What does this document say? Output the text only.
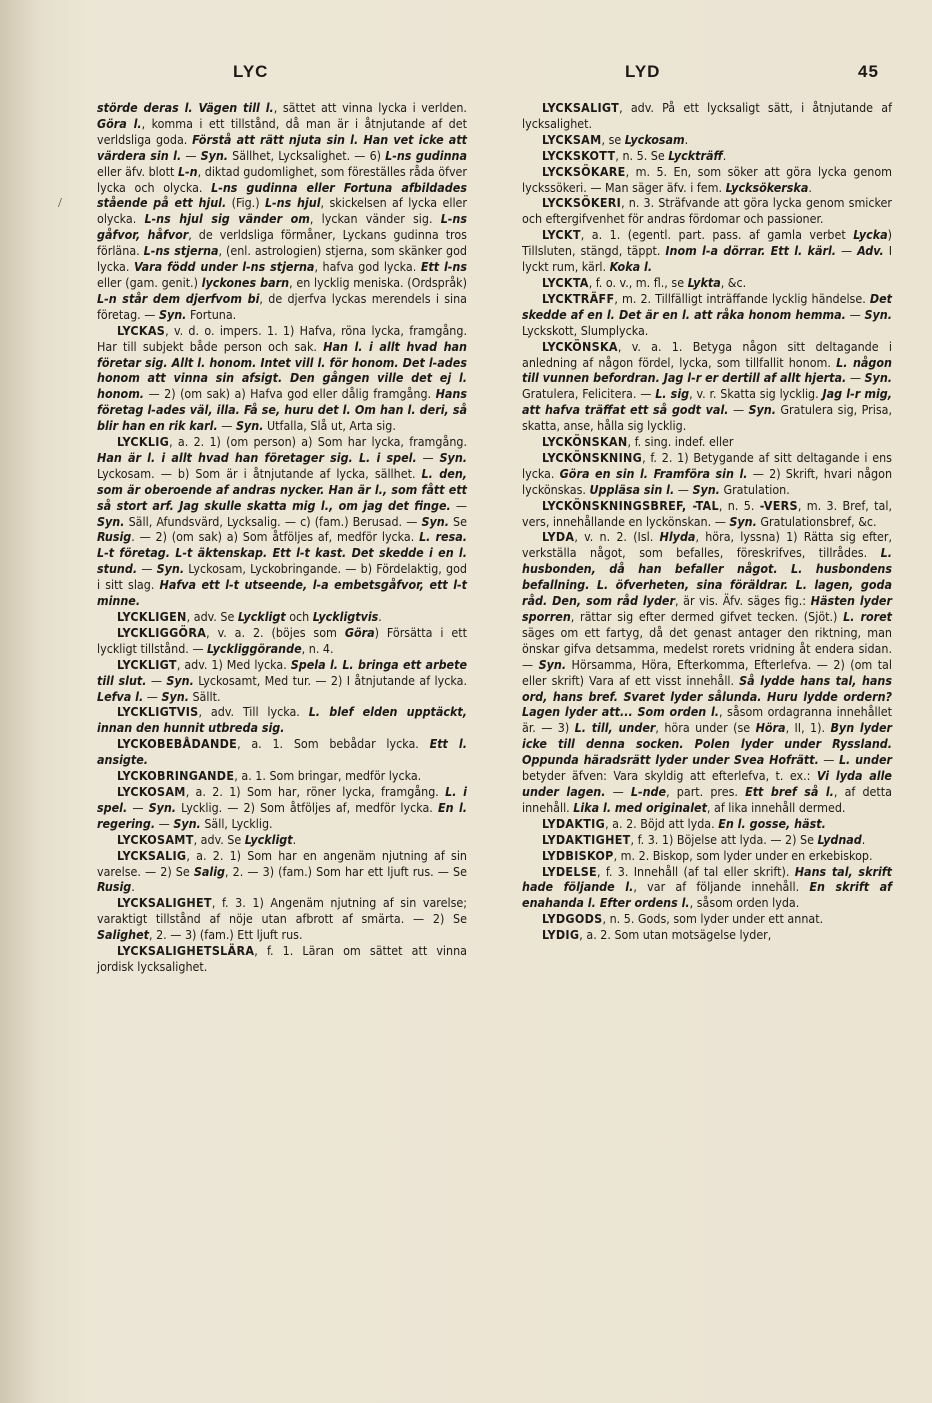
LYC	LYD	45
/

störde deras l. Vägen till l., sättet att vinna lycka i verlden. Göra l., komma i ett tillstånd, då man är i åtnjutande af det verldsliga goda. Förstå att rätt njuta sin l. Han vet icke att värdera sin l. — Syn. Sällhet, Lycksalighet. — 6) L-ns gudinna eller äfv. blott L-n, diktad gudomlighet, som föreställes råda öfver lycka och olycka. L-ns gudinna eller Fortuna afbildades stående på ett hjul. (Fig.) L-ns hjul, skickelsen af lycka eller olycka. L-ns hjul sig vänder om, lyckan vänder sig. L-ns gåfvor, håfvor, de verldsliga förmåner, Lyckans gudinna tros förläna. L-ns stjerna, (enl. astrologien) stjerna, som skänker god lycka. Vara född under l-ns stjerna, hafva god lycka. Ett l-ns eller (gam. genit.) lyckones barn, en lycklig meniska. (Ordspråk) L-n står dem djerfvom bi, de djerfva lyckas merendels i sina företag. — Syn. Fortuna.

LYCKAS, v. d. o. impers. 1. 1) Hafva, röna lycka, framgång. Har till subjekt både person och sak. Han l. i allt hvad han företar sig. Allt l. honom. Intet vill l. för honom. Det l-ades honom att vinna sin afsigt. Den gången ville det ej l. honom. — 2) (om sak) a) Hafva god eller dålig framgång. Hans företag l-ades väl, illa. Få se, huru det l. Om han l. deri, så blir han en rik karl. — Syn. Utfalla, Slå ut, Arta sig.

LYCKLIG, a. 2. 1) (om person) a) Som har lycka, framgång. Han är l. i allt hvad han företager sig. L. i spel. — Syn. Lyckosam. — b) Som är i åtnjutande af lycka, sällhet. L. den, som är oberoende af andras nycker. Han är l., som fått ett så stort arf. Jag skulle skatta mig l., om jag det finge. — Syn. Säll, Afundsvärd, Lycksalig. — c) (fam.) Berusad. — Syn. Se Rusig. — 2) (om sak) a) Som åtföljes af, medför lycka. L. resa. L-t företag. L-t äktenskap. Ett l-t kast. Det skedde i en l. stund. — Syn. Lyckosam, Lyckobringande. — b) Fördelaktig, god i sitt slag. Hafva ett l-t utseende, l-a embetsgåfvor, ett l-t minne.

LYCKLIGEN, adv. Se Lyckligt och Lyckligtvis.

LYCKLIGGÖRA, v. a. 2. (böjes som Göra) Försätta i ett lyckligt tillstånd. — Lyckliggörande, n. 4.

LYCKLIGT, adv. 1) Med lycka. Spela l. L. bringa ett arbete till slut. — Syn. Lyckosamt, Med tur. — 2) I åtnjutande af lycka. Lefva l. — Syn. Sällt.

LYCKLIGTVIS, adv. Till lycka. L. blef elden upptäckt, innan den hunnit utbreda sig.

LYCKOBEBÅDANDE, a. 1. Som bebådar lycka. Ett l. ansigte.

LYCKOBRINGANDE, a. 1. Som bringar, medför lycka.

LYCKOSAM, a. 2. 1) Som har, röner lycka, framgång. L. i spel. — Syn. Lycklig. — 2) Som åtföljes af, medför lycka. En l. regering. — Syn. Säll, Lycklig.

LYCKOSAMT, adv. Se Lyckligt.

LYCKSALIG, a. 2. 1) Som har en angenäm njutning af sin varelse. — 2) Se Salig, 2. — 3) (fam.) Som har ett ljuft rus. — Se Rusig.

LYCKSALIGHET, f. 3. 1) Angenäm njutning af sin varelse; varaktigt tillstånd af nöje utan afbrott af smärta. — 2) Se Salighet, 2. — 3) (fam.) Ett ljuft rus.

LYCKSALIGHETSLÄRA, f. 1. Läran om sättet att vinna jordisk lycksalighet.

LYCKSALIGT, adv. På ett lycksaligt sätt, i åtnjutande af lycksalighet.

LYCKSAM, se Lyckosam.

LYCKSKOTT, n. 5. Se Lyckträff.

LYCKSÖKARE, m. 5. En, som söker att göra lycka genom lyckssökeri. — Man säger äfv. i fem. Lycksökerska.

LYCKSÖKERI, n. 3. Sträfvande att göra lycka genom smicker och eftergifvenhet för andras fördomar och passioner.

LYCKT, a. 1. (egentl. part. pass. af gamla verbet Lycka) Tillsluten, stängd, täppt. Inom l-a dörrar. Ett l. kärl. — Adv. I lyckt rum, kärl. Koka l.

LYCKTA, f. o. v., m. fl., se Lykta, &c.

LYCKTRÄFF, m. 2. Tillfälligt inträffande lycklig händelse. Det skedde af en l. Det är en l. att råka honom hemma. — Syn. Lyckskott, Slumplycka.

LYCKÖNSKA, v. a. 1. Betyga någon sitt deltagande i anledning af någon fördel, lycka, som tillfallit honom. L. någon till vunnen befordran. Jag l-r er dertill af allt hjerta. — Syn. Gratulera, Felicitera. — L. sig, v. r. Skatta sig lycklig. Jag l-r mig, att hafva träffat ett så godt val. — Syn. Gratulera sig, Prisa, skatta, anse, hålla sig lycklig.

LYCKÖNSKAN, f. sing. indef. eller

LYCKÖNSKNING, f. 2. 1) Betygande af sitt deltagande i ens lycka. Göra en sin l. Framföra sin l. — 2) Skrift, hvari någon lyckönskas. Uppläsa sin l. — Syn. Gratulation.

LYCKÖNSKNINGSBREF, -TAL, n. 5. -VERS, m. 3. Bref, tal, vers, innehållande en lyckönskan. — Syn. Gratulationsbref, &c.

LYDA, v. n. 2. (Isl. Hlyda, höra, lyssna) 1) Rätta sig efter, verkställa något, som befalles, föreskrifves, tillrådes. L. husbonden, då han befaller något. L. husbondens befallning. L. öfverheten, sina föräldrar. L. lagen, goda råd. Den, som råd lyder, är vis. Äfv. säges fig.: Hästen lyder sporren, rättar sig efter dermed gifvet tecken. (Sjöt.) L. roret säges om ett fartyg, då det genast antager den riktning, man önskar gifva detsamma, medelst rorets vridning åt endera sidan. — Syn. Hörsamma, Höra, Efterkomma, Efterlefva. — 2) (om tal eller skrift) Vara af ett visst innehåll. Så lydde hans tal, hans ord, hans bref. Svaret lyder sålunda. Huru lydde ordern? Lagen lyder att... Som orden l., såsom ordagranna innehållet är. — 3) L. till, under, höra under (se Höra, II, 1). Byn lyder icke till denna socken. Polen lyder under Ryssland. Oppunda häradsrätt lyder under Svea Hofrätt. — L. under betyder äfven: Vara skyldig att efterlefva, t. ex.: Vi lyda alle under lagen. — L-nde, part. pres. Ett bref så l., af detta innehåll. Lika l. med originalet, af lika innehåll dermed.

LYDAKTIG, a. 2. Böjd att lyda. En l. gosse, häst.

LYDAKTIGHET, f. 3. 1) Böjelse att lyda. — 2) Se Lydnad.

LYDBISKOP, m. 2. Biskop, som lyder under en erkebiskop.

LYDELSE, f. 3. Innehåll (af tal eller skrift). Hans tal, skrift hade följande l., var af följande innehåll. En skrift af enahanda l. Efter ordens l., såsom orden lyda.

LYDGODS, n. 5. Gods, som lyder under ett annat.

LYDIG, a. 2. Som utan motsägelse lyder,
